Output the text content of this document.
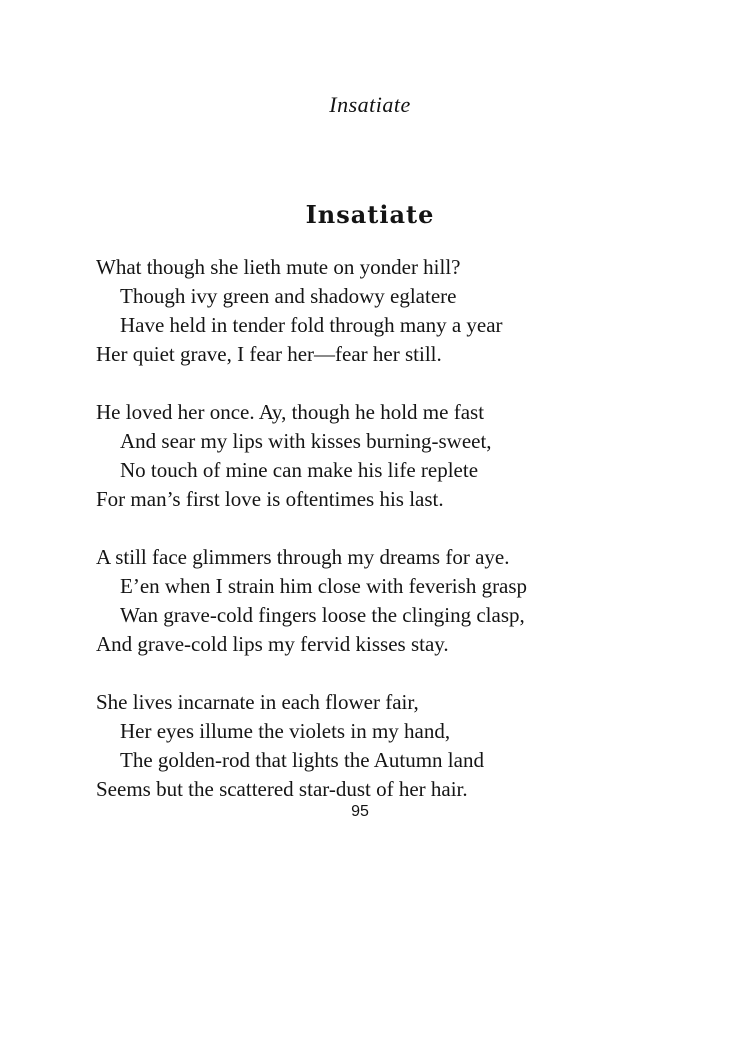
Insatiate
Insatiate
What though she lieth mute on yonder hill?
Though ivy green and shadowy eglatere
Have held in tender fold through many a year
Her quiet grave, I fear her—fear her still.
He loved her once. Ay, though he hold me fast
And sear my lips with kisses burning-sweet,
No touch of mine can make his life replete
For man’s first love is oftentimes his last.
A still face glimmers through my dreams for aye.
E’en when I strain him close with feverish grasp
Wan grave-cold fingers loose the clinging clasp,
And grave-cold lips my fervid kisses stay.
She lives incarnate in each flower fair,
Her eyes illume the violets in my hand,
The golden-rod that lights the Autumn land
Seems but the scattered star-dust of her hair.
95
